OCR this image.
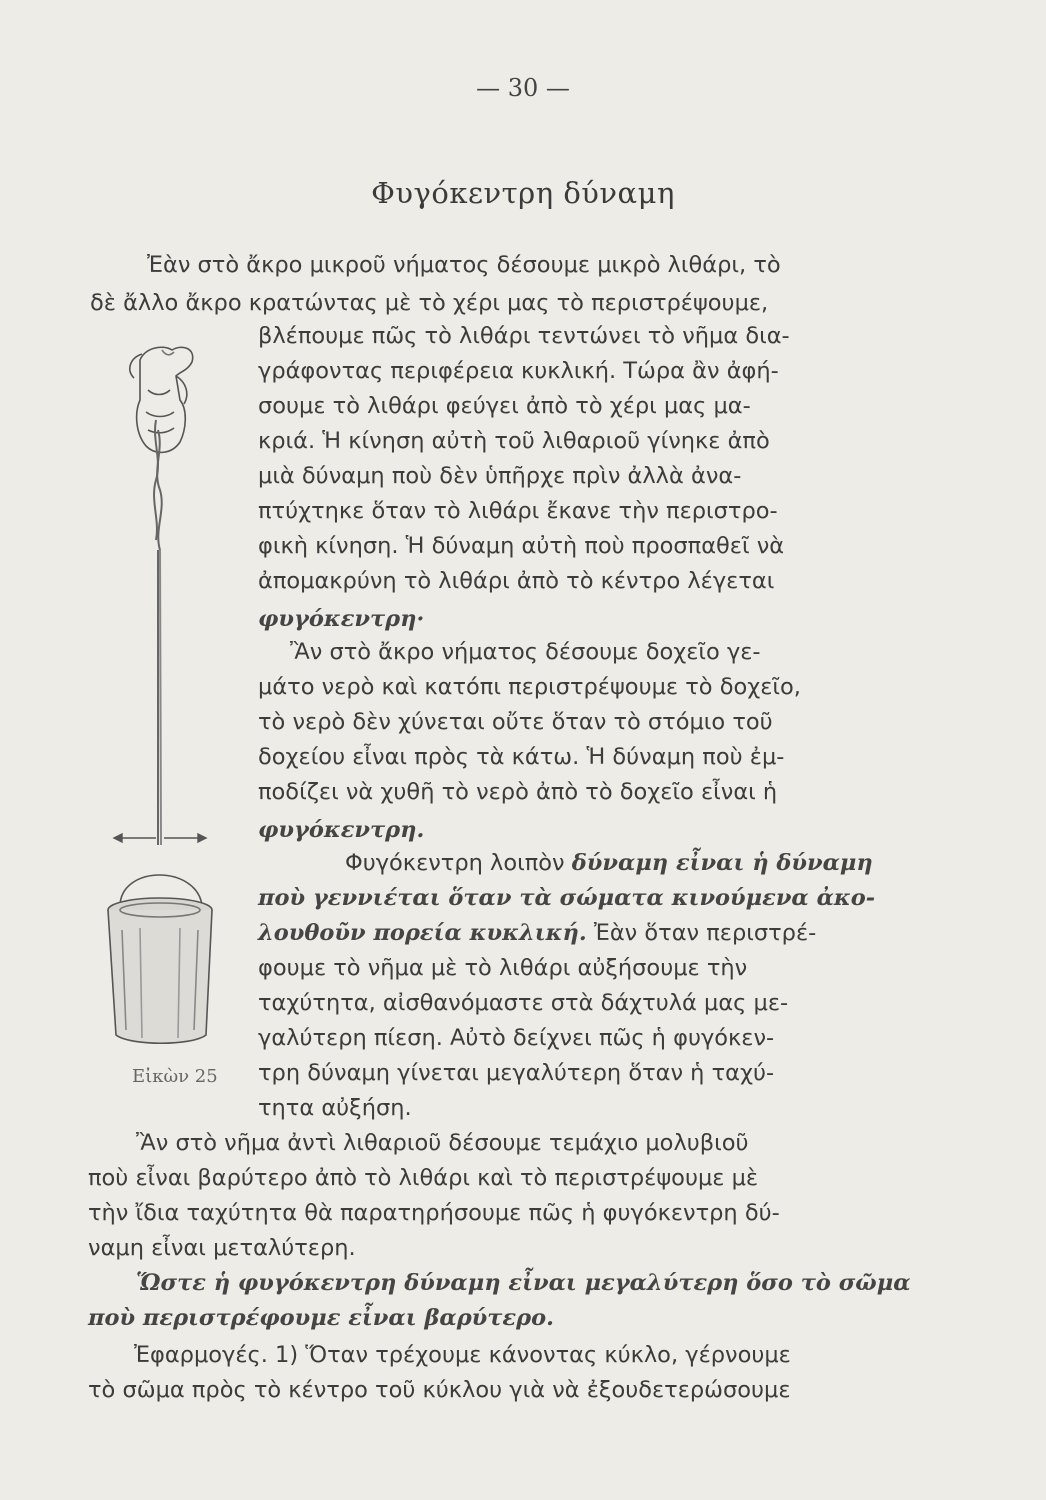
— 30 —
Φυγόκεντρη δύναμη
Εἰκὼν 25
Ἐὰν στὸ ἄκρο μικροῦ νήματος δέσουμε μικρὸ λιθάρι, τὸ
δὲ ἄλλο ἄκρο κρατώντας μὲ τὸ χέρι μας τὸ περιστρέψουμε,
βλέπουμε πῶς τὸ λιθάρι τεντώνει τὸ νῆμα δια-
γράφοντας περιφέρεια κυκλική. Τώρα ἂν ἀφή-
σουμε τὸ λιθάρι φεύγει ἀπὸ τὸ χέρι μας μα-
κριά. Ἡ κίνηση αὐτὴ τοῦ λιθαριοῦ γίνηκε ἀπὸ
μιὰ δύναμη ποὺ δὲν ὑπῆρχε πρὶν ἀλλὰ ἀνα-
πτύχτηκε ὅταν τὸ λιθάρι ἔκανε τὴν περιστρο-
φικὴ κίνηση. Ἡ δύναμη αὐτὴ ποὺ προσπαθεῖ νὰ
ἀπομακρύνη τὸ λιθάρι ἀπὸ τὸ κέντρο λέγεται
φυγόκεντρη·
Ἂν στὸ ἄκρο νήματος δέσουμε δοχεῖο γε-
μάτο νερὸ καὶ κατόπι περιστρέψουμε τὸ δοχεῖο,
τὸ νερὸ δὲν χύνεται οὔτε ὅταν τὸ στόμιο τοῦ
δοχείου εἶναι πρὸς τὰ κάτω. Ἡ δύναμη ποὺ ἐμ-
ποδίζει νὰ χυθῆ τὸ νερὸ ἀπὸ τὸ δοχεῖο εἶναι ἡ
φυγόκεντρη.
Φυγόκεντρη λοιπὸν δύναμη εἶναι ἡ δύναμη
ποὺ γεννιέται ὅταν τὰ σώματα κινούμενα ἀκο-
λουθοῦν πορεία κυκλική. Ἐὰν ὅταν περιστρέ-
φουμε τὸ νῆμα μὲ τὸ λιθάρι αὐξήσουμε τὴν
ταχύτητα, αἰσθανόμαστε στὰ δάχτυλά μας με-
γαλύτερη πίεση. Αὐτὸ δείχνει πῶς ἡ φυγόκεν-
τρη δύναμη γίνεται μεγαλύτερη ὅταν ἡ ταχύ-
τητα αὐξήση.
Ἂν στὸ νῆμα ἀντὶ λιθαριοῦ δέσουμε τεμάχιο μολυβιοῦ
ποὺ εἶναι βαρύτερο ἀπὸ τὸ λιθάρι καὶ τὸ περιστρέψουμε μὲ
τὴν ἴδια ταχύτητα θὰ παρατηρήσουμε πῶς ἡ φυγόκεντρη δύ-
ναμη εἶναι μεταλύτερη.
Ὥστε ἡ φυγόκεντρη δύναμη εἶναι μεγαλύτερη ὅσο τὸ σῶμα
ποὺ περιστρέφουμε εἶναι βαρύτερο.
Ἐφαρμογές. 1) Ὅταν τρέχουμε κάνοντας κύκλο, γέρνουμε
τὸ σῶμα πρὸς τὸ κέντρο τοῦ κύκλου γιὰ νὰ ἐξουδετερώσουμε
